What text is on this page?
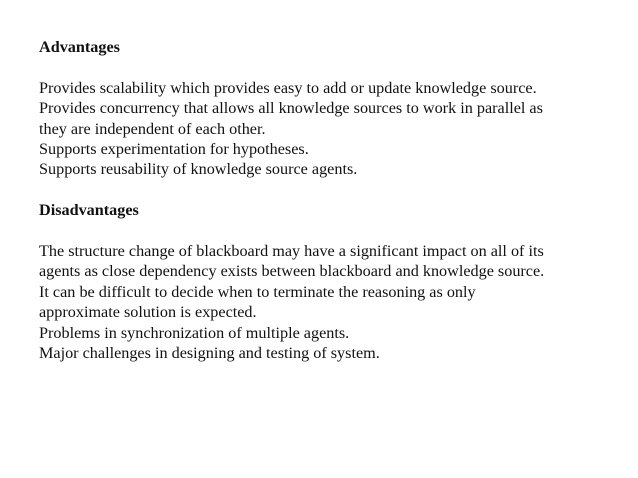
Advantages
Provides scalability which provides easy to add or update knowledge source.
Provides concurrency that allows all knowledge sources to work in parallel as
they are independent of each other.
Supports experimentation for hypotheses.
Supports reusability of knowledge source agents.
Disadvantages
The structure change of blackboard may have a significant impact on all of its
agents as close dependency exists between blackboard and knowledge source.
It can be difficult to decide when to terminate the reasoning as only
approximate solution is expected.
Problems in synchronization of multiple agents.
Major challenges in designing and testing of system.
